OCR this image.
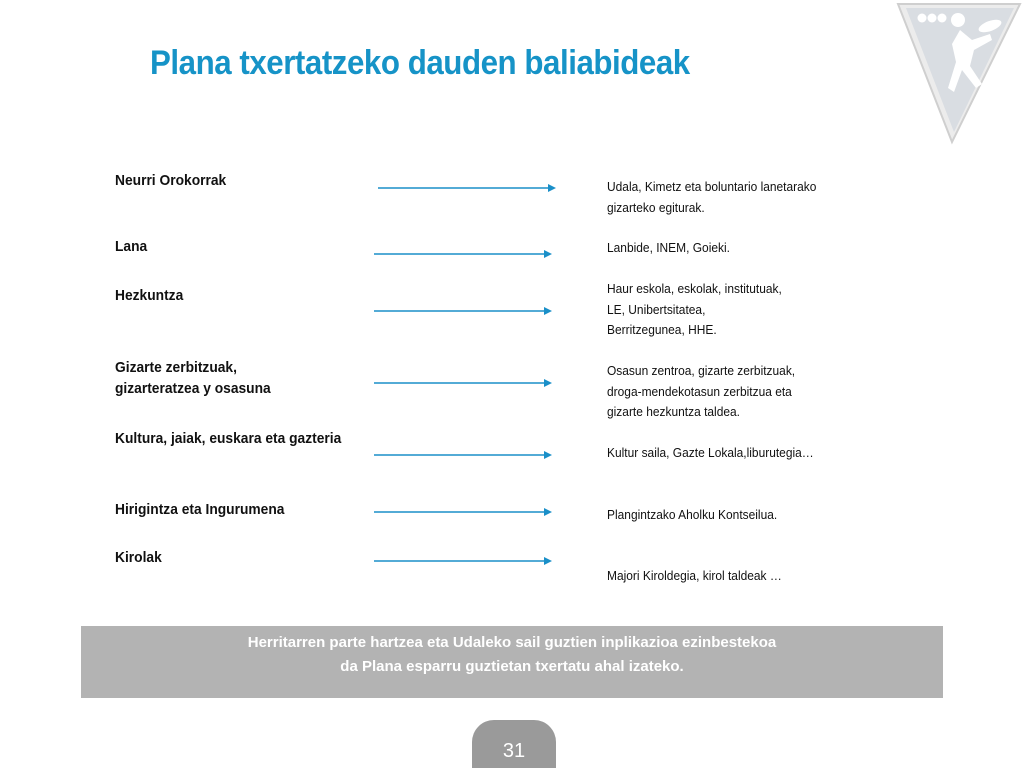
Plana txertatzeko dauden baliabideak
Neurri Orokorrak
Lana
Hezkuntza
Gizarte zerbitzuak,
gizarteratzea y osasuna
Kultura, jaiak, euskara eta gazteria
Hirigintza eta Ingurumena
Kirolak
Udala, Kimetz eta boluntario lanetarako
gizarteko egiturak.
Lanbide, INEM, Goieki.
Haur eskola, eskolak, institutuak,
LE, Unibertsitatea,
Berritzegunea, HHE.
Osasun zentroa, gizarte zerbitzuak,
droga-mendekotasun zerbitzua eta
gizarte hezkuntza taldea.
Kultur saila, Gazte Lokala,liburutegia…
Plangintzako Aholku Kontseilua.
Majori Kiroldegia, kirol taldeak …
Herritarren parte hartzea eta Udaleko sail guztien inplikazioa ezinbestekoa
da Plana esparru guztietan txertatu ahal izateko.
31
